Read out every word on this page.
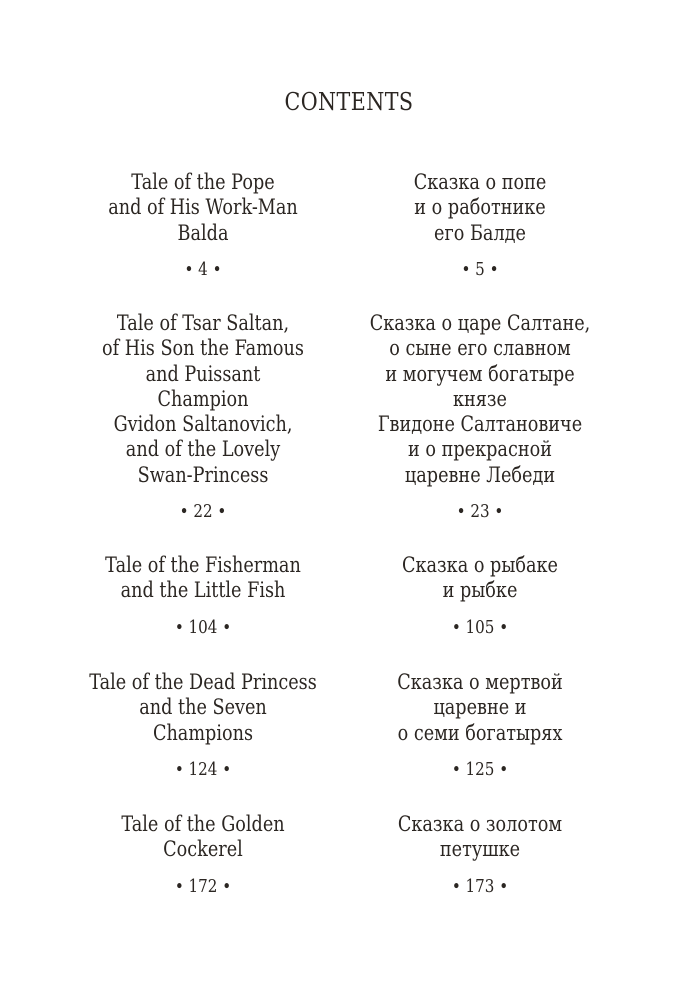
CONTENTS
Tale of the Pope
and of His Work-Man
Balda
• 4 •
Сказка о попе
и о работнике
его Балде
• 5 •
Tale of Tsar Saltan,
of His Son the Famous
and Puissant
Champion
Gvidon Saltanovich,
and of the Lovely
Swan-Princess
• 22 •
Сказка о царе Салтане,
о сыне его славном
и могучем богатыре
князе
Гвидоне Салтановиче
и о прекрасной
царевне Лебеди
• 23 •
Tale of the Fisherman
and the Little Fish
• 104 •
Сказка о рыбаке
и рыбке
• 105 •
Tale of the Dead Princess
and the Seven
Champions
• 124 •
Сказка о мертвой
царевне и
о семи богатырях
• 125 •
Tale of the Golden
Cockerel
• 172 •
Сказка о золотом
петушке
• 173 •
